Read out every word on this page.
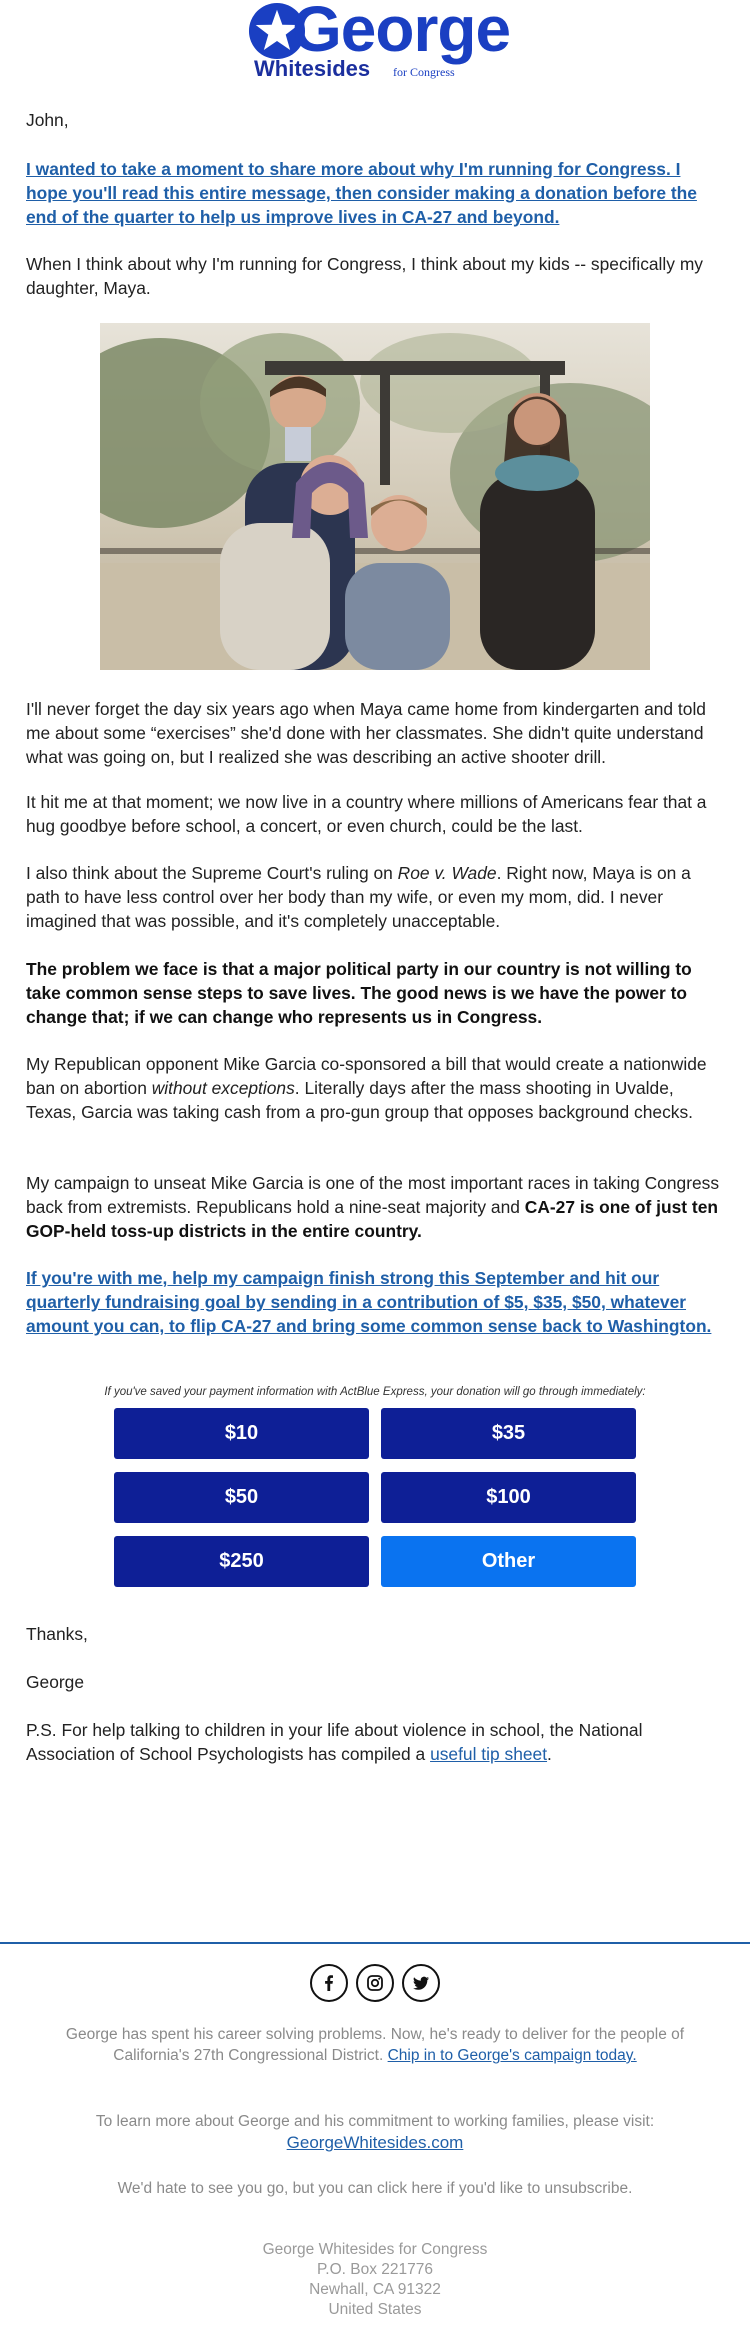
George
Whitesides for Congress

John,

I wanted to take a moment to share more about why I'm running for Congress. I hope you'll read this entire message, then consider making a donation before the end of the quarter to help us improve lives in CA-27 and beyond.

When I think about why I'm running for Congress, I think about my kids -- specifically my daughter, Maya.

I'll never forget the day six years ago when Maya came home from kindergarten and told me about some “exercises” she'd done with her classmates. She didn't quite understand what was going on, but I realized she was describing an active shooter drill.

It hit me at that moment; we now live in a country where millions of Americans fear that a hug goodbye before school, a concert, or even church, could be the last.

I also think about the Supreme Court's ruling on Roe v. Wade. Right now, Maya is on a path to have less control over her body than my wife, or even my mom, did. I never imagined that was possible, and it's completely unacceptable.

The problem we face is that a major political party in our country is not willing to take common sense steps to save lives. The good news is we have the power to change that; if we can change who represents us in Congress.

My Republican opponent Mike Garcia co-sponsored a bill that would create a nationwide ban on abortion without exceptions. Literally days after the mass shooting in Uvalde, Texas, Garcia was taking cash from a pro-gun group that opposes background checks.

My campaign to unseat Mike Garcia is one of the most important races in taking Congress back from extremists. Republicans hold a nine-seat majority and CA-27 is one of just ten GOP-held toss-up districts in the entire country.

If you're with me, help my campaign finish strong this September and hit our quarterly fundraising goal by sending in a contribution of $5, $35, $50, whatever amount you can, to flip CA-27 and bring some common sense back to Washington.

If you've saved your payment information with ActBlue Express, your donation will go through immediately:
$10	$35
$50	$100
$250	Other

Thanks,

George

P.S. For help talking to children in your life about violence in school, the National Association of School Psychologists has compiled a useful tip sheet.

George has spent his career solving problems. Now, he's ready to deliver for the people of California's 27th Congressional District. Chip in to George's campaign today.

To learn more about George and his commitment to working families, please visit:

GeorgeWhitesides.com

We'd hate to see you go, but you can click here if you'd like to unsubscribe.

George Whitesides for Congress
P.O. Box 221776
Newhall, CA 91322
United States
